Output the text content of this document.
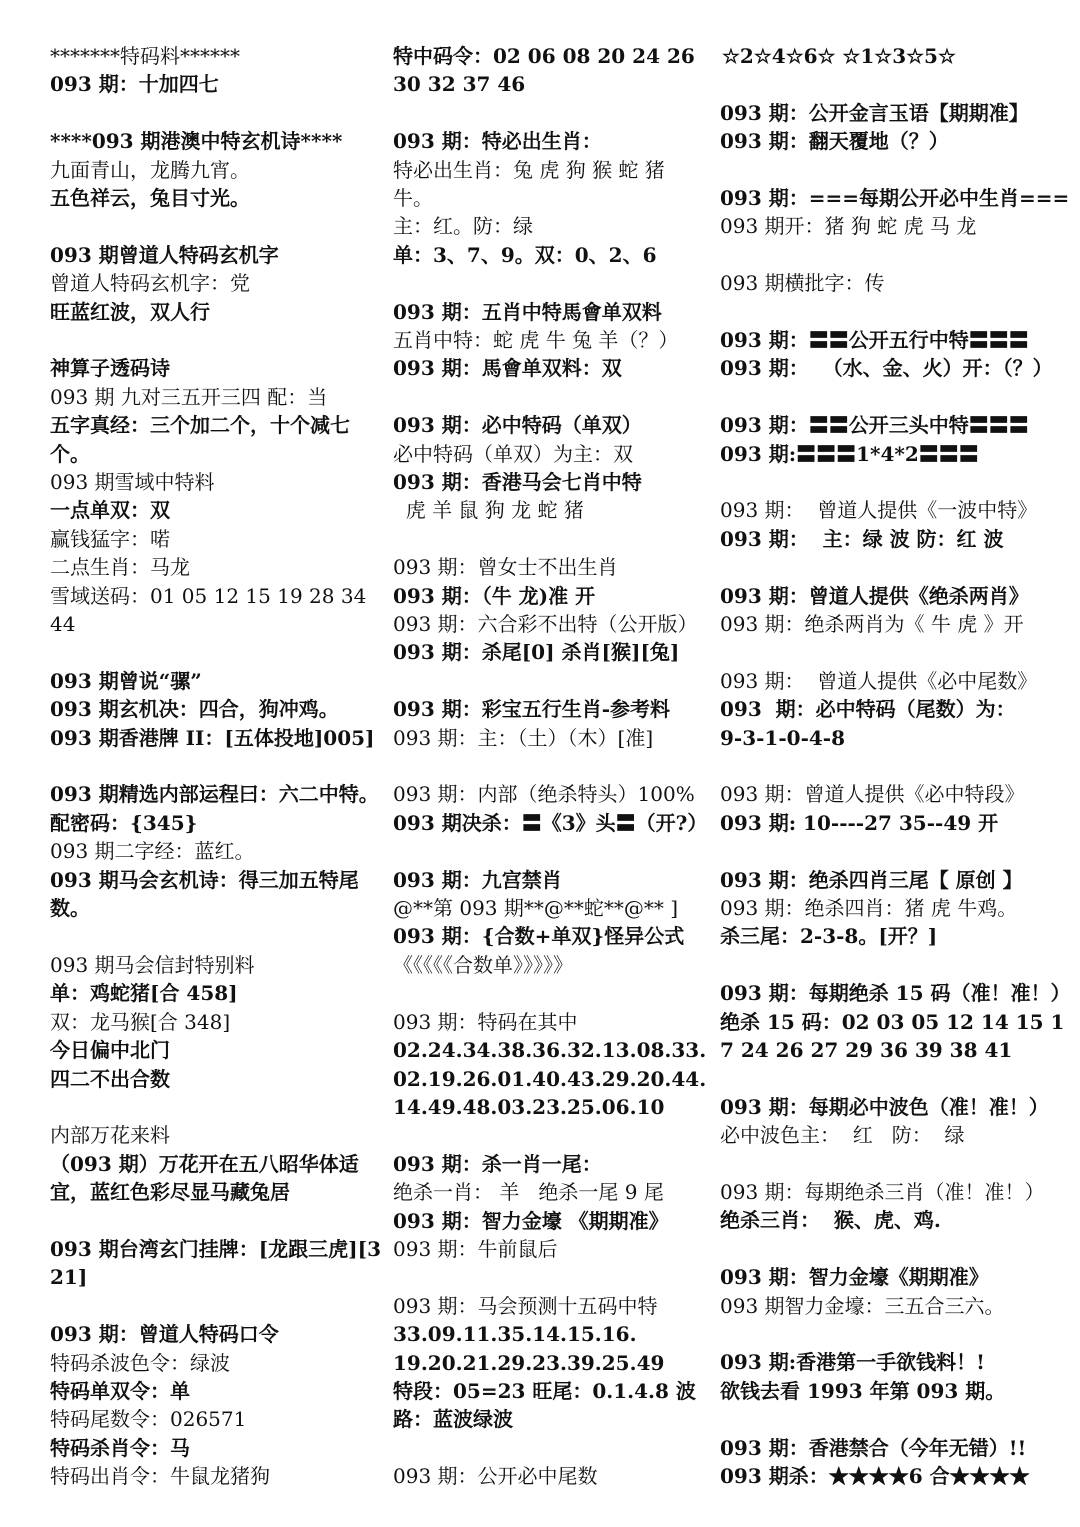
☆2☆4☆6☆ ☆1☆3☆5☆
*******特码料******
093 期：十加四七
****093 期港澳中特玄机诗****
九面青山，龙腾九宵。
五色祥云，兔目寸光。
093 期曾道人特码玄机字
曾道人特码玄机字：党
旺蓝红波，双人行
神算子透码诗
093 期 九对三五开三四 配：当
五字真经：三个加二个，十个减七个。
093 期雪域中特料
一点单双：双
赢钱猛字：喏
二点生肖：马龙
雪域送码：01 05 12 15 19 28 34 44
093 期曾说“骡”
093 期玄机决：四合，狗冲鸡。
093 期香港牌 II：[五体投地]005]
093 期精选内部运程曰：六二中特。
配密码：{345}
093 期二字经：蓝红。
093 期马会玄机诗：得三加五特尾数。
093 期马会信封特别料
单：鸡蛇猪[合 458]
双：龙马猴[合 348]
今日偏中北门
四二不出合数
内部万花来料
（093 期）万花开在五八昭华体适宜，蓝红色彩尽显马藏兔居
093 期台湾玄门挂牌：[龙跟三虎][321]
093 期：曾道人特码口令
特码杀波色令：绿波
特码单双令：单
特码尾数令：026571
特码杀肖令：马
特码出肖令：牛鼠龙猪狗
特中码令：02 06 08 20 24 26 30 32 37 46
093 期：特必出生肖：
特必出生肖：兔 虎 狗 猴 蛇 猪 牛。
主：红。防：绿
单：3、7、9。双：0、2、6
093 期：五肖中特馬會单双料
五肖中特：蛇 虎 牛 兔 羊（？）
093 期：馬會单双料：双
093 期：必中特码（单双）
必中特码（单双）为主：双
093 期：香港马会七肖中特
虎 羊 鼠 狗 龙 蛇 猪
093 期：曾女士不出生肖
093 期：（牛 龙)准 开
093 期：六合彩不出特（公开版）
093 期：杀尾[0] 杀肖[猴][兔]
093 期：彩宝五行生肖-参考料
093 期：主：（土）（木）[准]
093 期：内部（绝杀特头）100%
093 期决杀：〓《3》头〓（开?）
093 期：九宫禁肖
@**第 093 期**@**蛇**@** ]
093 期：{合数+单双}怪异公式
《《《《《合数单》》》》》
093 期：特码在其中
02.24.34.38.36.32.13.08.33.02.19.26.01.40.43.29.20.44.14.49.48.03.23.25.06.10
093 期：杀一肖一尾：
绝杀一肖： 羊   绝杀一尾 9 尾
093 期：智力金壕 《期期准》
093 期：牛前鼠后
093 期：马会预测十五码中特
33.09.11.35.14.15.16.
19.20.21.29.23.39.25.49
特段：05=23 旺尾：0.1.4.8 波路：蓝波绿波
093 期：公开必中尾数
093 期：公开金言玉语【期期准】
093 期：翻天覆地（？）
093 期：===每期公开必中生肖===
093 期开：猪 狗 蛇 虎 马 龙
093 期横批字：传
093 期：〓〓公开五行中特〓〓〓
093 期：  （水、金、火）开：（？）
093 期：〓〓公开三头中特〓〓〓
093 期:〓〓〓1*4*2〓〓〓
093 期：  曾道人提供《一波中特》
093 期：  主：绿 波 防：红 波
093 期：曾道人提供《绝杀两肖》
093 期：绝杀两肖为《 牛 虎 》开
093 期：  曾道人提供《必中尾数》
093  期：必中特码（尾数）为：
9-3-1-0-4-8
093 期：曾道人提供《必中特段》
093 期: 10----27 35--49 开
093 期：绝杀四肖三尾【 原创 】
093 期：绝杀四肖：猪 虎 牛鸡。
杀三尾：2-3-8。[开？]
093 期：每期绝杀 15 码（准！准！）
绝杀 15 码：02 03 05 12 14 15 17 24 26 27 29 36 39 38 41
093 期：每期必中波色（准！准！）
必中波色主：  红   防：  绿
093 期：每期绝杀三肖（准！准！）
绝杀三肖：  猴、虎、鸡.
093 期：智力金壕《期期准》
093 期智力金壕：三五合三六。
093 期:香港第一手欲钱料！!
欲钱去看 1993 年第 093 期。
093 期：香港禁合（今年无错）!!
093 期杀：★★★★6 合★★★★
